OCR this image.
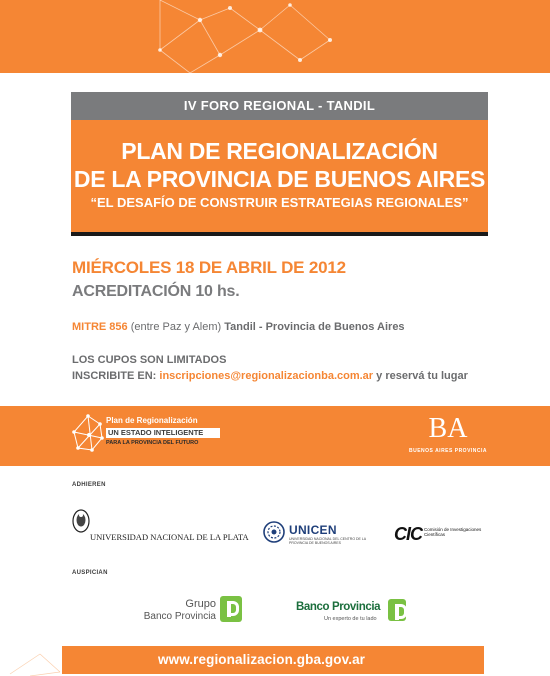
IV FORO REGIONAL - TANDIL
PLAN DE REGIONALIZACIÓN
DE LA PROVINCIA DE BUENOS AIRES
“EL DESAFÍO DE CONSTRUIR ESTRATEGIAS REGIONALES”
MIÉRCOLES 18 DE ABRIL DE 2012
ACREDITACIÓN 10 hs.
MITRE 856 (entre Paz y Alem) Tandil - Provincia de Buenos Aires
LOS CUPOS SON LIMITADOS
INSCRIBITE EN: inscripciones@regionalizacionba.com.ar y reservá tu lugar
Plan de Regionalización
UN ESTADO INTELIGENTE
PARA LA PROVINCIA DEL FUTURO	BA
BUENOS AIRES PROVINCIA
ADHIEREN
UNIVERSIDAD NACIONAL DE LA PLATA	UNICEN
UNIVERSIDAD NACIONAL DEL CENTRO DE LA PROVINCIA DE BUENOS AIRES	CIC Comisión de Investigaciones Científicas
AUSPICIAN
Grupo
Banco Provincia
Banco Provincia
Un experto de tu lado
www.regionalizacion.gba.gov.ar
